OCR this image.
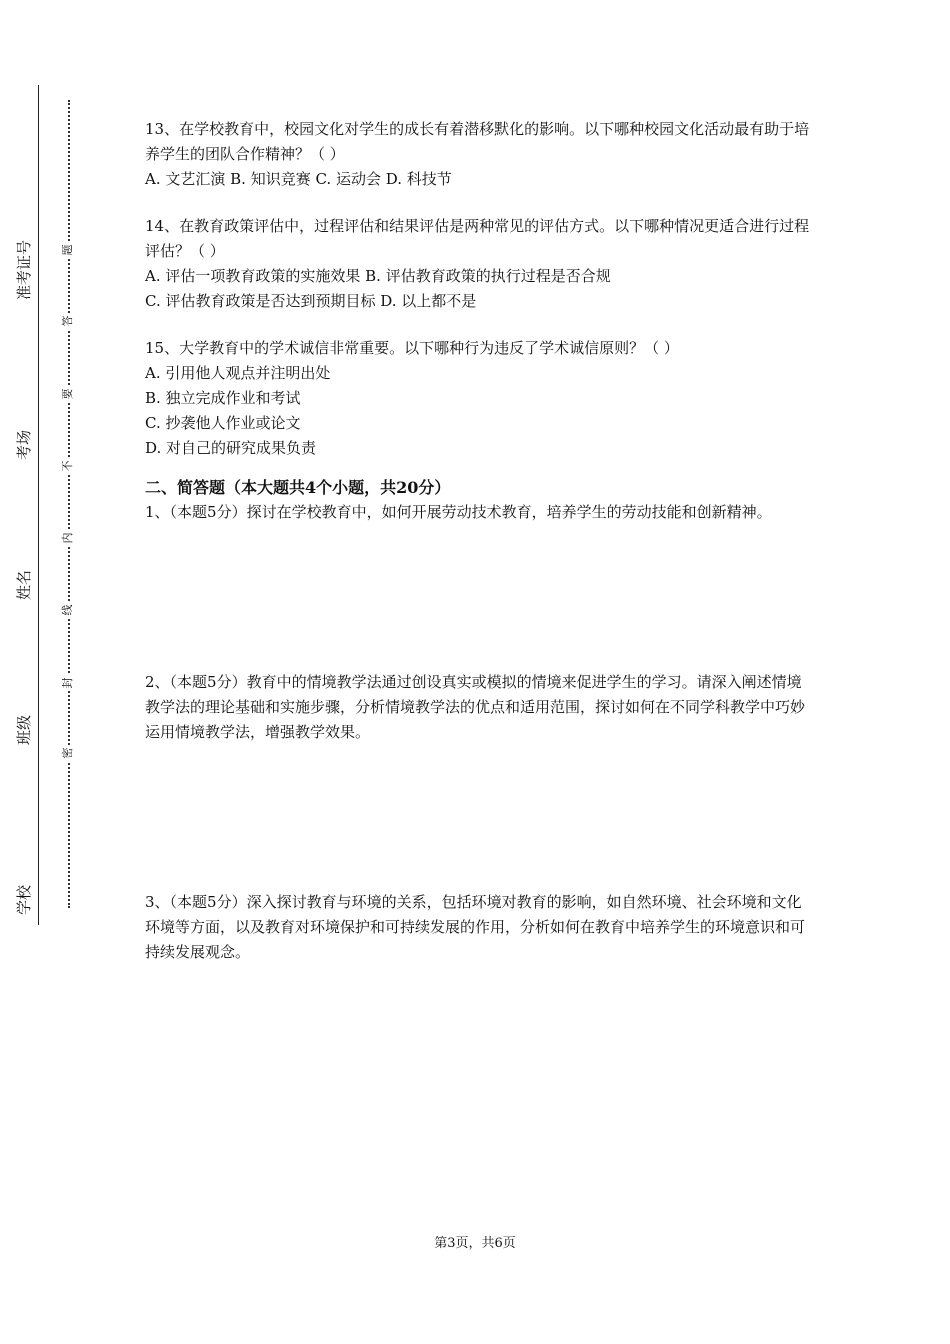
学校
班级
姓名
考场
准考证号
密
封
线
内
不
要
答
题

13、在学校教育中，校园文化对学生的成长有着潜移默化的影响。以下哪种校园文化活动最有助于培养学生的团队合作精神？（ ）

A. 文艺汇演 B. 知识竞赛 C. 运动会 D. 科技节

14、在教育政策评估中，过程评估和结果评估是两种常见的评估方式。以下哪种情况更适合进行过程评估？（ ）

A. 评估一项教育政策的实施效果 B. 评估教育政策的执行过程是否合规

C. 评估教育政策是否达到预期目标 D. 以上都不是

15、大学教育中的学术诚信非常重要。以下哪种行为违反了学术诚信原则？（ ）

A. 引用他人观点并注明出处

B. 独立完成作业和考试

C. 抄袭他人作业或论文

D. 对自己的研究成果负责

二、简答题（本大题共4个小题，共20分）

1、（本题5分）探讨在学校教育中，如何开展劳动技术教育，培养学生的劳动技能和创新精神。

2、（本题5分）教育中的情境教学法通过创设真实或模拟的情境来促进学生的学习。请深入阐述情境教学法的理论基础和实施步骤，分析情境教学法的优点和适用范围，探讨如何在不同学科教学中巧妙运用情境教学法，增强教学效果。

3、（本题5分）深入探讨教育与环境的关系，包括环境对教育的影响，如自然环境、社会环境和文化环境等方面，以及教育对环境保护和可持续发展的作用，分析如何在教育中培养学生的环境意识和可持续发展观念。

第3页，共6页
